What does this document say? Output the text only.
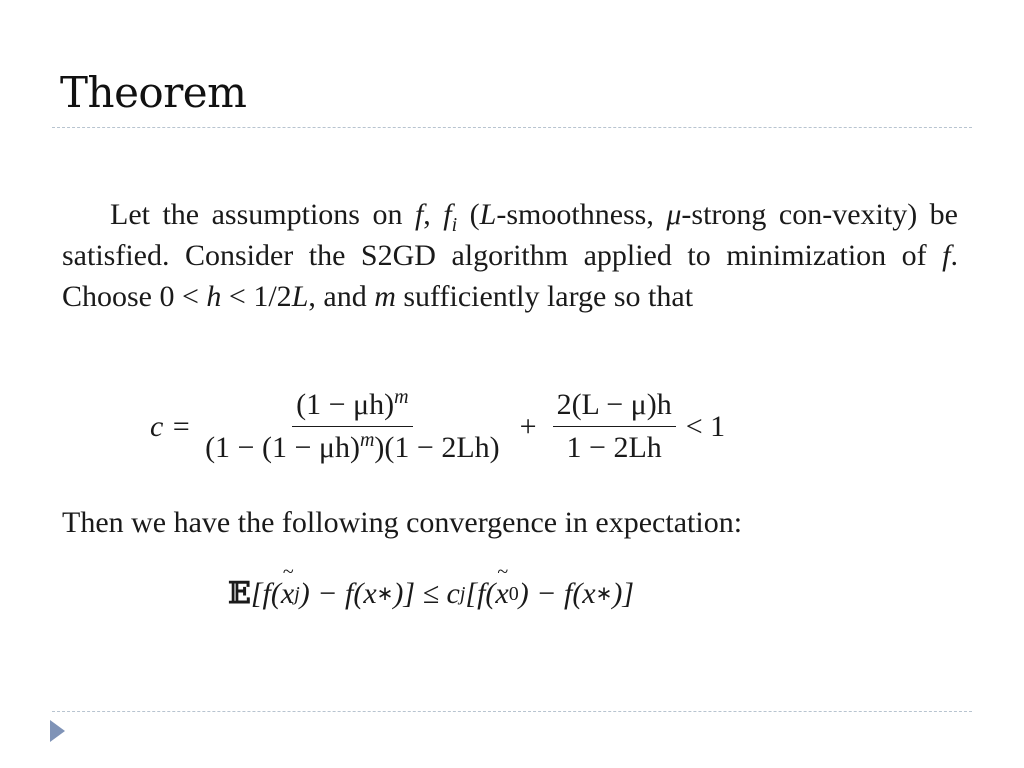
Theorem
Let the assumptions on f, $f_i$ (L-smoothness, μ-strong con-vexity) be satisfied. Consider the S2GD algorithm applied to minimization of f. Choose 0 < h < 1/2L, and m sufficiently large so that
$c = \frac{(1 - \mu h)^m}{(1 - (1 - \mu h)^m)(1 - 2Lh)} + \frac{2(L - \mu)h}{1 - 2Lh} < 1$
Then we have the following convergence in expectation:
𝔼 [f( ~ x j ) − f(x ∗ )] ≤ c j [f( ~ x 0 ) − f(x ∗ )]
